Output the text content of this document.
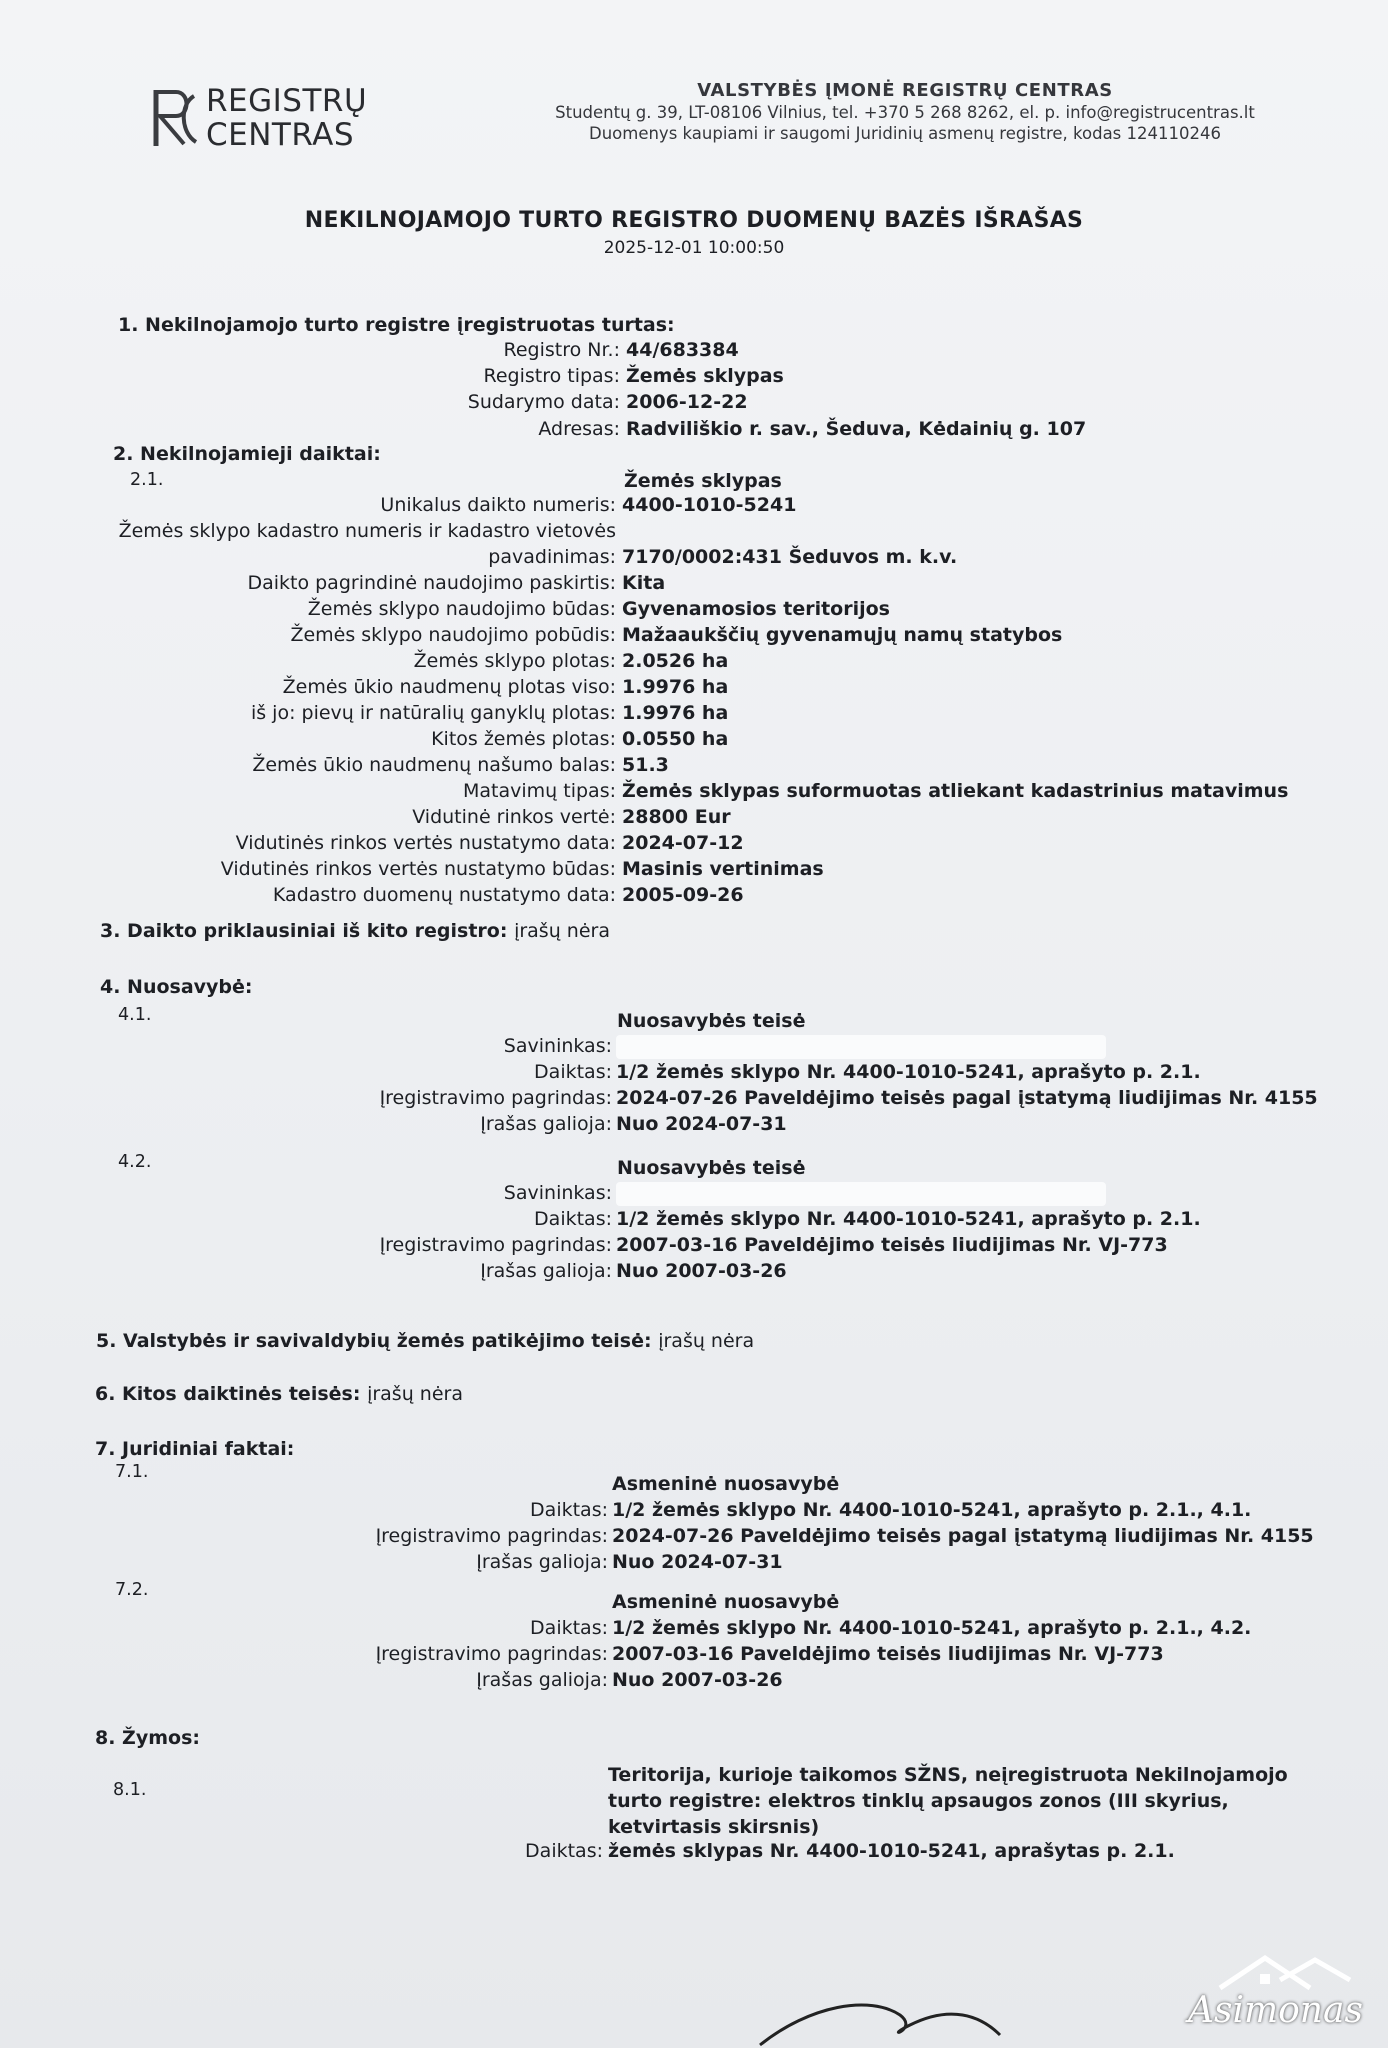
REGISTRŲ
CENTRAS
VALSTYBĖS ĮMONĖ REGISTRŲ CENTRAS
Studentų g. 39, LT-08106 Vilnius, tel. +370 5 268 8262, el. p. info@registrucentras.lt
Duomenys kaupiami ir saugomi Juridinių asmenų registre, kodas 124110246
NEKILNOJAMOJO TURTO REGISTRO DUOMENŲ BAZĖS IŠRAŠAS
2025-12-01 10:00:50
1. Nekilnojamojo turto registre įregistruotas turtas:
Registro Nr.: 44/683384
Registro tipas: Žemės sklypas
Sudarymo data: 2006-12-22
Adresas: Radviliškio r. sav., Šeduva, Kėdainių g. 107
2. Nekilnojamieji daiktai:
2.1.	Žemės sklypas
Unikalus daikto numeris: 4400-1010-5241
Žemės sklypo kadastro numeris ir kadastro vietovės
pavadinimas: 7170/0002:431 Šeduvos m. k.v.
Daikto pagrindinė naudojimo paskirtis: Kita
Žemės sklypo naudojimo būdas: Gyvenamosios teritorijos
Žemės sklypo naudojimo pobūdis: Mažaaukščių gyvenamųjų namų statybos
Žemės sklypo plotas: 2.0526 ha
Žemės ūkio naudmenų plotas viso: 1.9976 ha
iš jo: pievų ir natūralių ganyklų plotas: 1.9976 ha
Kitos žemės plotas: 0.0550 ha
Žemės ūkio naudmenų našumo balas: 51.3
Matavimų tipas: Žemės sklypas suformuotas atliekant kadastrinius matavimus
Vidutinė rinkos vertė: 28800 Eur
Vidutinės rinkos vertės nustatymo data: 2024-07-12
Vidutinės rinkos vertės nustatymo būdas: Masinis vertinimas
Kadastro duomenų nustatymo data: 2005-09-26
3. Daikto priklausiniai iš kito registro: įrašų nėra
4. Nuosavybė:
4.1.	Nuosavybės teisė
Savininkas:
Daiktas: 1/2 žemės sklypo Nr. 4400-1010-5241, aprašyto p. 2.1.
Įregistravimo pagrindas: 2024-07-26 Paveldėjimo teisės pagal įstatymą liudijimas Nr. 4155
Įrašas galioja: Nuo 2024-07-31
4.2.	Nuosavybės teisė
Savininkas:
Daiktas: 1/2 žemės sklypo Nr. 4400-1010-5241, aprašyto p. 2.1.
Įregistravimo pagrindas: 2007-03-16 Paveldėjimo teisės liudijimas Nr. VJ-773
Įrašas galioja: Nuo 2007-03-26
5. Valstybės ir savivaldybių žemės patikėjimo teisė: įrašų nėra
6. Kitos daiktinės teisės: įrašų nėra
7. Juridiniai faktai:
7.1.
Asmeninė nuosavybė
Daiktas: 1/2 žemės sklypo Nr. 4400-1010-5241, aprašyto p. 2.1., 4.1.
Įregistravimo pagrindas: 2024-07-26 Paveldėjimo teisės pagal įstatymą liudijimas Nr. 4155
Įrašas galioja: Nuo 2024-07-31
7.2.
Asmeninė nuosavybė
Daiktas: 1/2 žemės sklypo Nr. 4400-1010-5241, aprašyto p. 2.1., 4.2.
Įregistravimo pagrindas: 2007-03-16 Paveldėjimo teisės liudijimas Nr. VJ-773
Įrašas galioja: Nuo 2007-03-26
8. Žymos:
8.1.
Teritorija, kurioje taikomos SŽNS, neįregistruota Nekilnojamojo turto registre: elektros tinklų apsaugos zonos (III skyrius, ketvirtasis skirsnis)
Daiktas: žemės sklypas Nr. 4400-1010-5241, aprašytas p. 2.1.
Asimonas
